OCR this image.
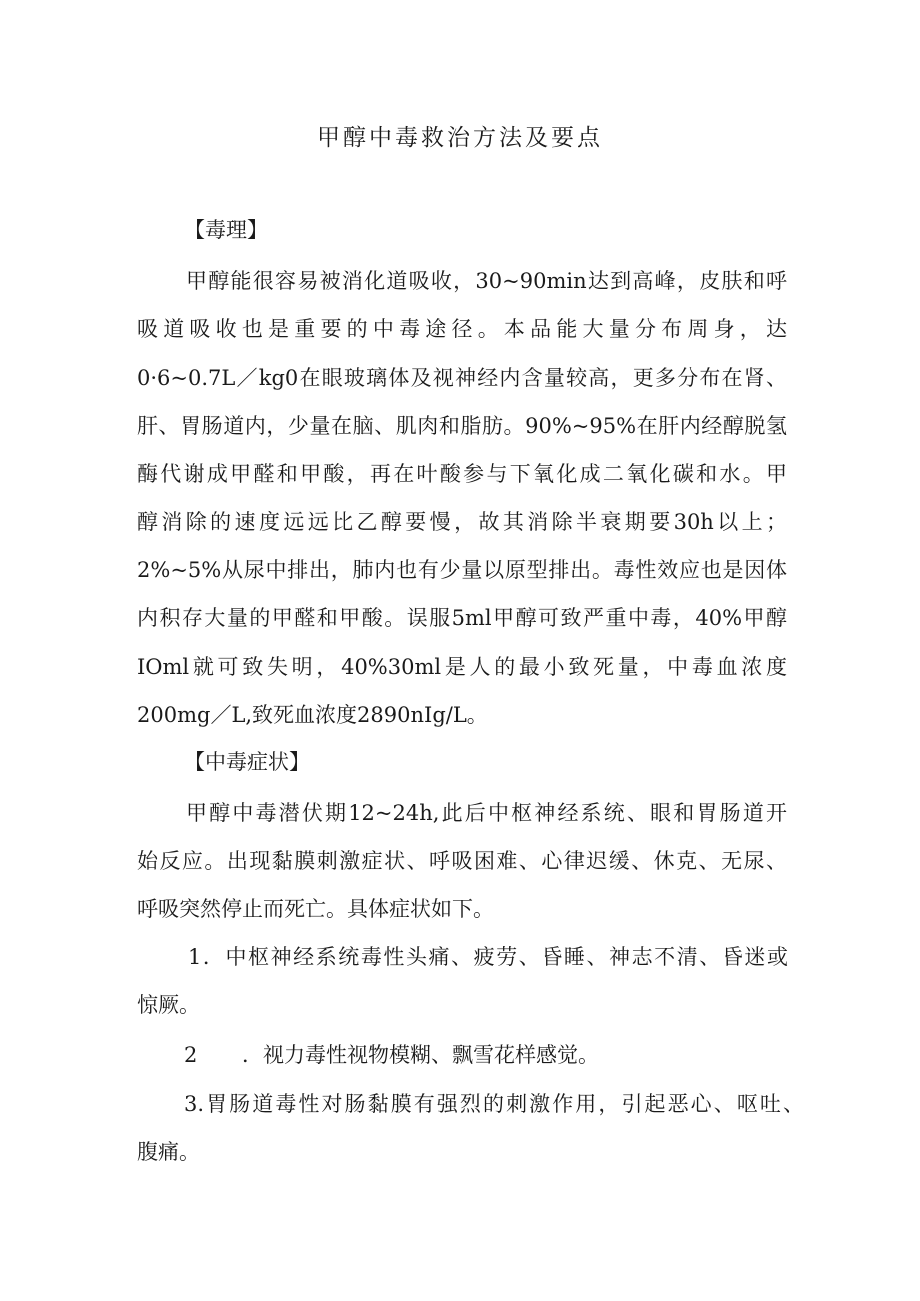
甲醇中毒救治方法及要点

【毒理】

甲醇能很容易被消化道吸收，30~90min达到高峰，皮肤和呼

吸道吸收也是重要的中毒途径。本品能大量分布周身，达

0·6~0.7L／kg0在眼玻璃体及视神经内含量较高，更多分布在肾、

肝、胃肠道内，少量在脑、肌肉和脂肪。90%~95%在肝内经醇脱氢

酶代谢成甲醛和甲酸，再在叶酸参与下氧化成二氧化碳和水。甲

醇消除的速度远远比乙醇要慢，故其消除半衰期要30h以上；

2%~5%从尿中排出，肺内也有少量以原型排出。毒性效应也是因体

内积存大量的甲醛和甲酸。误服5ml甲醇可致严重中毒，40%甲醇

IOml就可致失明，40%30ml是人的最小致死量，中毒血浓度

200mg／L,致死血浓度2890nIg/L。

【中毒症状】

甲醇中毒潜伏期12~24h,此后中枢神经系统、眼和胃肠道开

始反应。出现黏膜刺激症状、呼吸困难、心律迟缓、休克、无尿、

呼吸突然停止而死亡。具体症状如下。

1．中枢神经系统毒性头痛、疲劳、昏睡、神志不清、昏迷或

惊厥。

2 ．视力毒性视物模糊、飘雪花样感觉。

3.胃肠道毒性对肠黏膜有强烈的刺激作用，引起恶心、呕吐、

腹痛。
